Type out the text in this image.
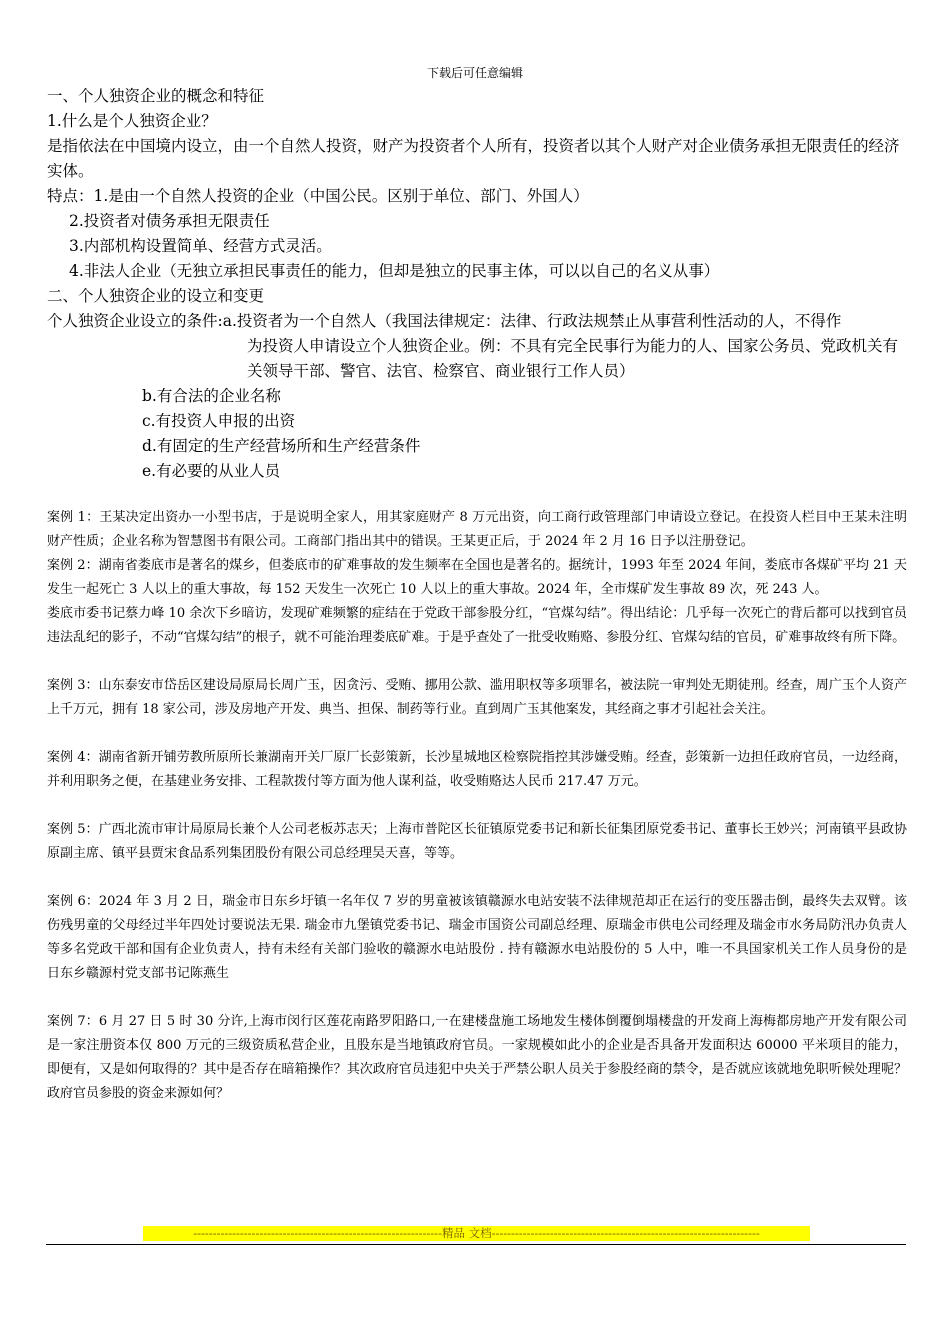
下载后可任意编辑

一、个人独资企业的概念和特征

1.什么是个人独资企业？

是指依法在中国境内设立，由一个自然人投资，财产为投资者个人所有，投资者以其个人财产对企业债务承担无限责任的经济实体。

特点：1.是由一个自然人投资的企业（中国公民。区别于单位、部门、外国人）

2.投资者对债务承担无限责任

3.内部机构设置简单、经营方式灵活。

4.非法人企业（无独立承担民事责任的能力，但却是独立的民事主体，可以以自己的名义从事）

二、个人独资企业的设立和变更

个人独资企业设立的条件:a.投资者为一个自然人（我国法律规定：法律、行政法规禁止从事营利性活动的人，不得作

为投资人申请设立个人独资企业。例：不具有完全民事行为能力的人、国家公务员、党政机关有关领导干部、警官、法官、检察官、商业银行工作人员）

b.有合法的企业名称

c.有投资人申报的出资

d.有固定的生产经营场所和生产经营条件

e.有必要的从业人员

案例 1：王某决定出资办一小型书店，于是说明全家人，用其家庭财产 8 万元出资，向工商行政管理部门申请设立登记。在投资人栏目中王某未注明财产性质；企业名称为智慧图书有限公司。工商部门指出其中的错误。王某更正后，于 2024 年 2 月 16 日予以注册登记。

案例 2：湖南省娄底市是著名的煤乡，但娄底市的矿难事故的发生频率在全国也是著名的。据统计，1993 年至 2024 年间，娄底市各煤矿平均 21 天发生一起死亡 3 人以上的重大事故，每 152 天发生一次死亡 10 人以上的重大事故。2024 年，全市煤矿发生事故 89 次，死 243 人。

娄底市委书记蔡力峰 10 余次下乡暗访，发现矿难频繁的症结在于党政干部参股分红，“官煤勾结”。得出结论：几乎每一次死亡的背后都可以找到官员违法乱纪的影子，不动“官煤勾结”的根子，就不可能治理娄底矿难。于是乎查处了一批受收贿赂、参股分红、官煤勾结的官员，矿难事故终有所下降。

案例 3：山东泰安市岱岳区建设局原局长周广玉，因贪污、受贿、挪用公款、滥用职权等多项罪名，被法院一审判处无期徒刑。经查，周广玉个人资产上千万元，拥有 18 家公司，涉及房地产开发、典当、担保、制药等行业。直到周广玉其他案发，其经商之事才引起社会关注。

案例 4：湖南省新开铺劳教所原所长兼湖南开关厂原厂长彭策新，长沙星城地区检察院指控其涉嫌受贿。经查，彭策新一边担任政府官员，一边经商，并利用职务之便，在基建业务安排、工程款拨付等方面为他人谋利益，收受贿赂达人民币 217.47 万元。

案例 5：广西北流市审计局原局长兼个人公司老板苏志天；上海市普陀区长征镇原党委书记和新长征集团原党委书记、董事长王妙兴；河南镇平县政协原副主席、镇平县贾宋食品系列集团股份有限公司总经理吴天喜，等等。

案例 6：2024 年 3 月 2 日，瑞金市日东乡圩镇一名年仅 7 岁的男童被该镇赣源水电站安装不法律规范却正在运行的变压器击倒，最终失去双臂。该伤残男童的父母经过半年四处讨要说法无果. 瑞金市九堡镇党委书记、瑞金市国资公司副总经理、原瑞金市供电公司经理及瑞金市水务局防汛办负责人等多名党政干部和国有企业负责人，持有未经有关部门验收的赣源水电站股份 . 持有赣源水电站股份的 5 人中，唯一不具国家机关工作人员身份的是日东乡赣源村党支部书记陈燕生

案例 7：6 月 27 日 5 时 30 分许,上海市闵行区莲花南路罗阳路口,一在建楼盘施工场地发生楼体倒覆倒塌楼盘的开发商上海梅都房地产开发有限公司是一家注册资本仅 800 万元的三级资质私营企业，且股东是当地镇政府官员。一家规模如此小的企业是否具备开发面积达 60000 平米项目的能力，即便有，又是如何取得的？其中是否存在暗箱操作？其次政府官员违犯中央关于严禁公职人员关于参股经商的禁令，是否就应该就地免职听候处理呢？政府官员参股的资金来源如何？

----------------------------------------------------------------精品 文档---------------------------------------------------------------------
